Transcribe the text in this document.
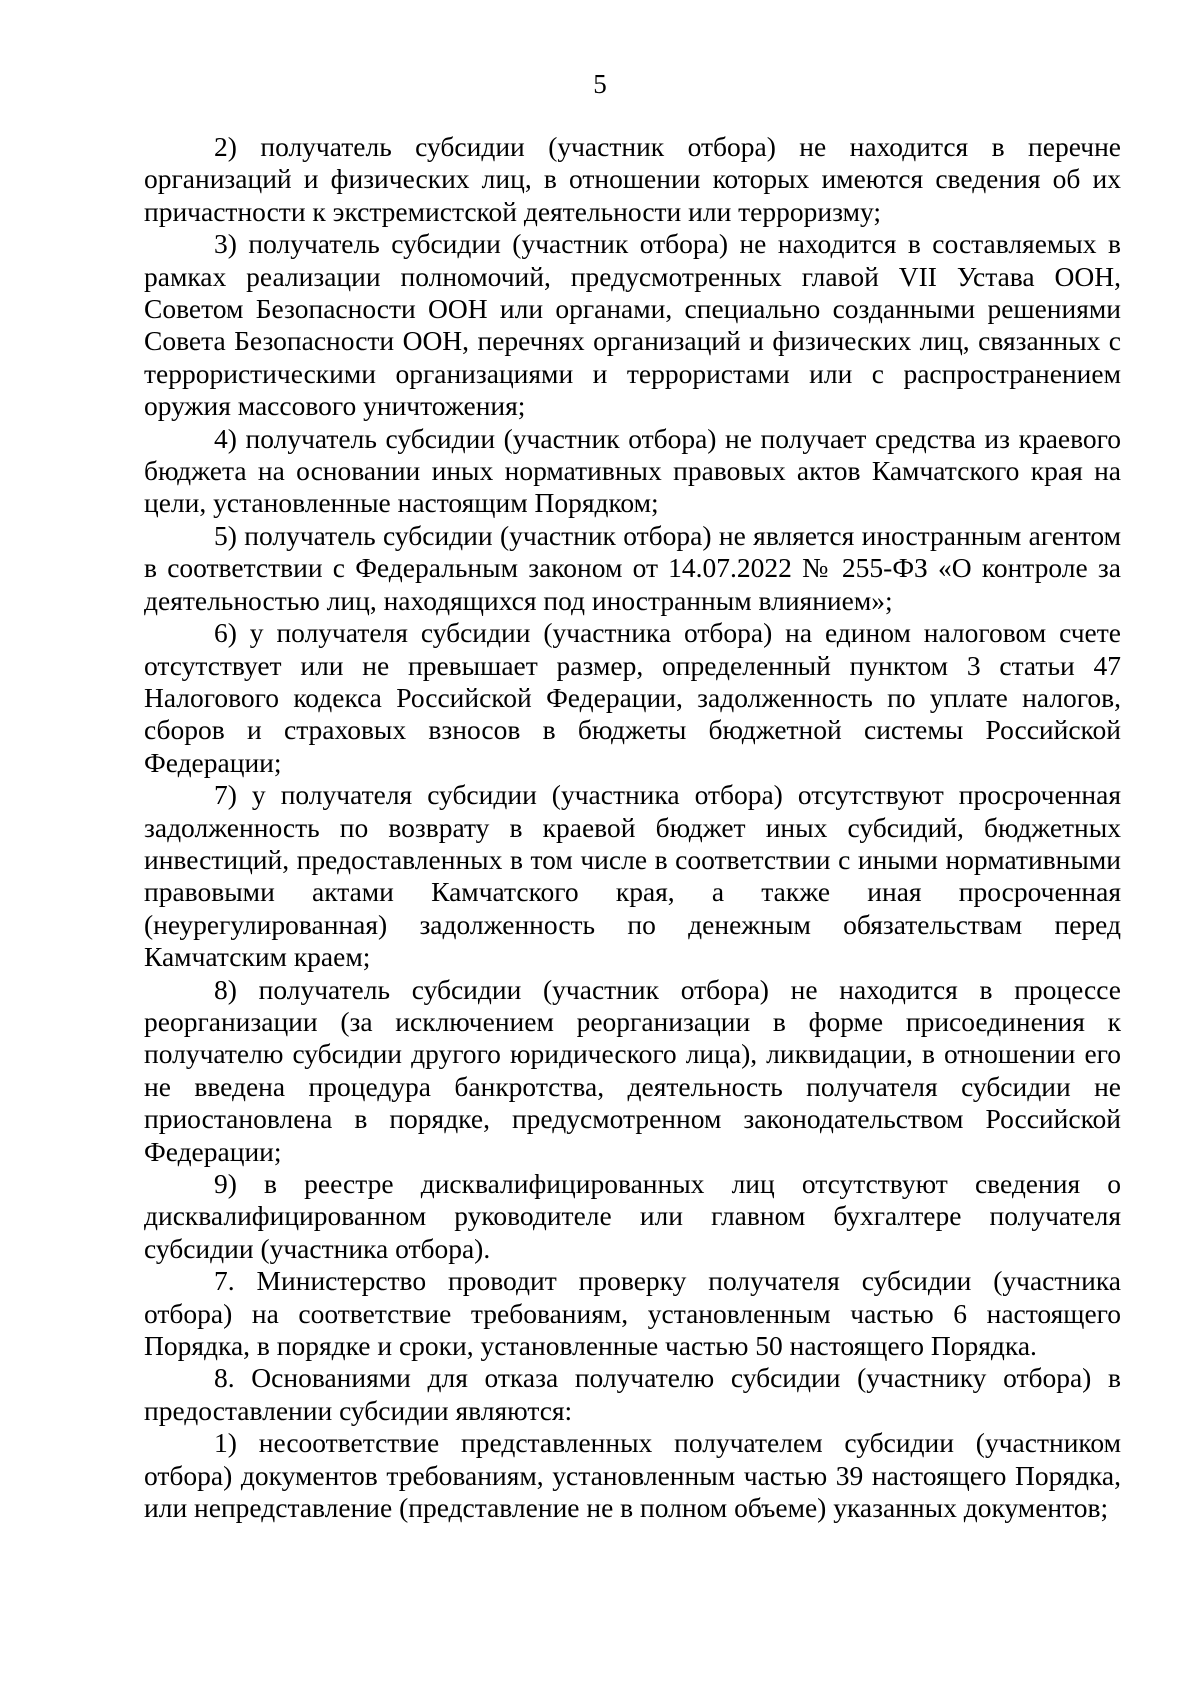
5

2) получатель субсидии (участник отбора) не находится в перечне организаций и физических лиц, в отношении которых имеются сведения об их причастности к экстремистской деятельности или терроризму;

3) получатель субсидии (участник отбора) не находится в составляемых в рамках реализации полномочий, предусмотренных главой VII Устава ООН, Советом Безопасности ООН или органами, специально созданными решениями Совета Безопасности ООН, перечнях организаций и физических лиц, связанных с террористическими организациями и террористами или с распространением оружия массового уничтожения;

4) получатель субсидии (участник отбора) не получает средства из краевого бюджета на основании иных нормативных правовых актов Камчатского края на цели, установленные настоящим Порядком;

5) получатель субсидии (участник отбора) не является иностранным агентом в соответствии с Федеральным законом от 14.07.2022 № 255-ФЗ «О контроле за деятельностью лиц, находящихся под иностранным влиянием»;

6) у получателя субсидии (участника отбора) на едином налоговом счете отсутствует или не превышает размер, определенный пунктом 3 статьи 47 Налогового кодекса Российской Федерации, задолженность по уплате налогов, сборов и страховых взносов в бюджеты бюджетной системы Российской Федерации;

7) у получателя субсидии (участника отбора) отсутствуют просроченная задолженность по возврату в краевой бюджет иных субсидий, бюджетных инвестиций, предоставленных в том числе в соответствии с иными нормативными правовыми актами Камчатского края, а также иная просроченная (неурегулированная) задолженность по денежным обязательствам перед Камчатским краем;

8) получатель субсидии (участник отбора) не находится в процессе реорганизации (за исключением реорганизации в форме присоединения к получателю субсидии другого юридического лица), ликвидации, в отношении его не введена процедура банкротства, деятельность получателя субсидии не приостановлена в порядке, предусмотренном законодательством Российской Федерации;

9) в реестре дисквалифицированных лиц отсутствуют сведения о дисквалифицированном руководителе или главном бухгалтере получателя субсидии (участника отбора).

7. Министерство проводит проверку получателя субсидии (участника отбора) на соответствие требованиям, установленным частью 6 настоящего Порядка, в порядке и сроки, установленные частью 50 настоящего Порядка.

8. Основаниями для отказа получателю субсидии (участнику отбора) в предоставлении субсидии являются:

1) несоответствие представленных получателем субсидии (участником отбора) документов требованиям, установленным частью 39 настоящего Порядка, или непредставление (представление не в полном объеме) указанных документов;
